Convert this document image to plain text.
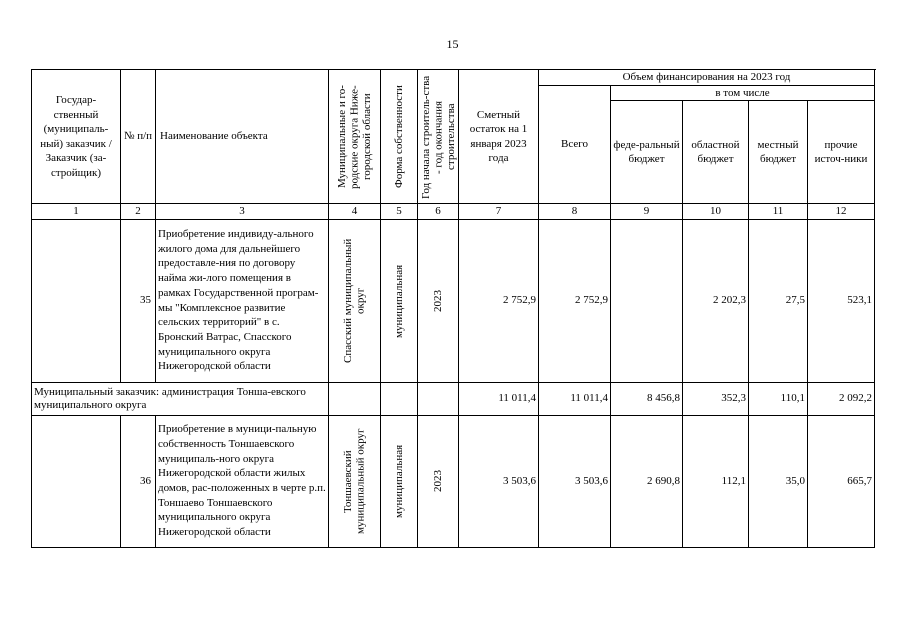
15
Государ-ственный (муниципаль-ный) заказчик /Заказчик (за-стройщик)	№ п/п	Наименование объекта	Муниципальные и го-родские округа Ниже-городской области	Форма собственности	Год начала строитель-ства - год окончания строительства	Сметный остаток на 1 января 2023 года	Объем финансирования на 2023 год				
							Всего	в том числе			
								феде-ральный бюджет	областной бюджет	местный бюджет	прочие источ-ники
1	2	3	4	5	6	7	8	9	10	11	12
	35	Приобретение индивиду-ального жилого дома для дальнейшего предоставле-ния по договору найма жи-лого помещения в рамках Государственной програм-мы "Комплексное развитие сельских территорий" в с. Бронский Ватрас, Спасского муниципального округа Нижегородской области	Спасский муниципальный округ	муниципальная	2023	2 752,9	2 752,9		2 202,3	27,5	523,1
Муниципальный заказчик: администрация Тонша-евского муниципального округа						11 011,4	11 011,4	8 456,8	352,3	110,1	2 092,2
	36	Приобретение в муници-пальную собственность Тоншаевского муниципаль-ного округа Нижегородской области жилых домов, рас-положенных в черте р.п. Тоншаево Тоншаевского муниципального округа Нижегородской области	Тоншаевский муниципальный округ	муниципальная	2023	3 503,6	3 503,6	2 690,8	112,1	35,0	665,7
